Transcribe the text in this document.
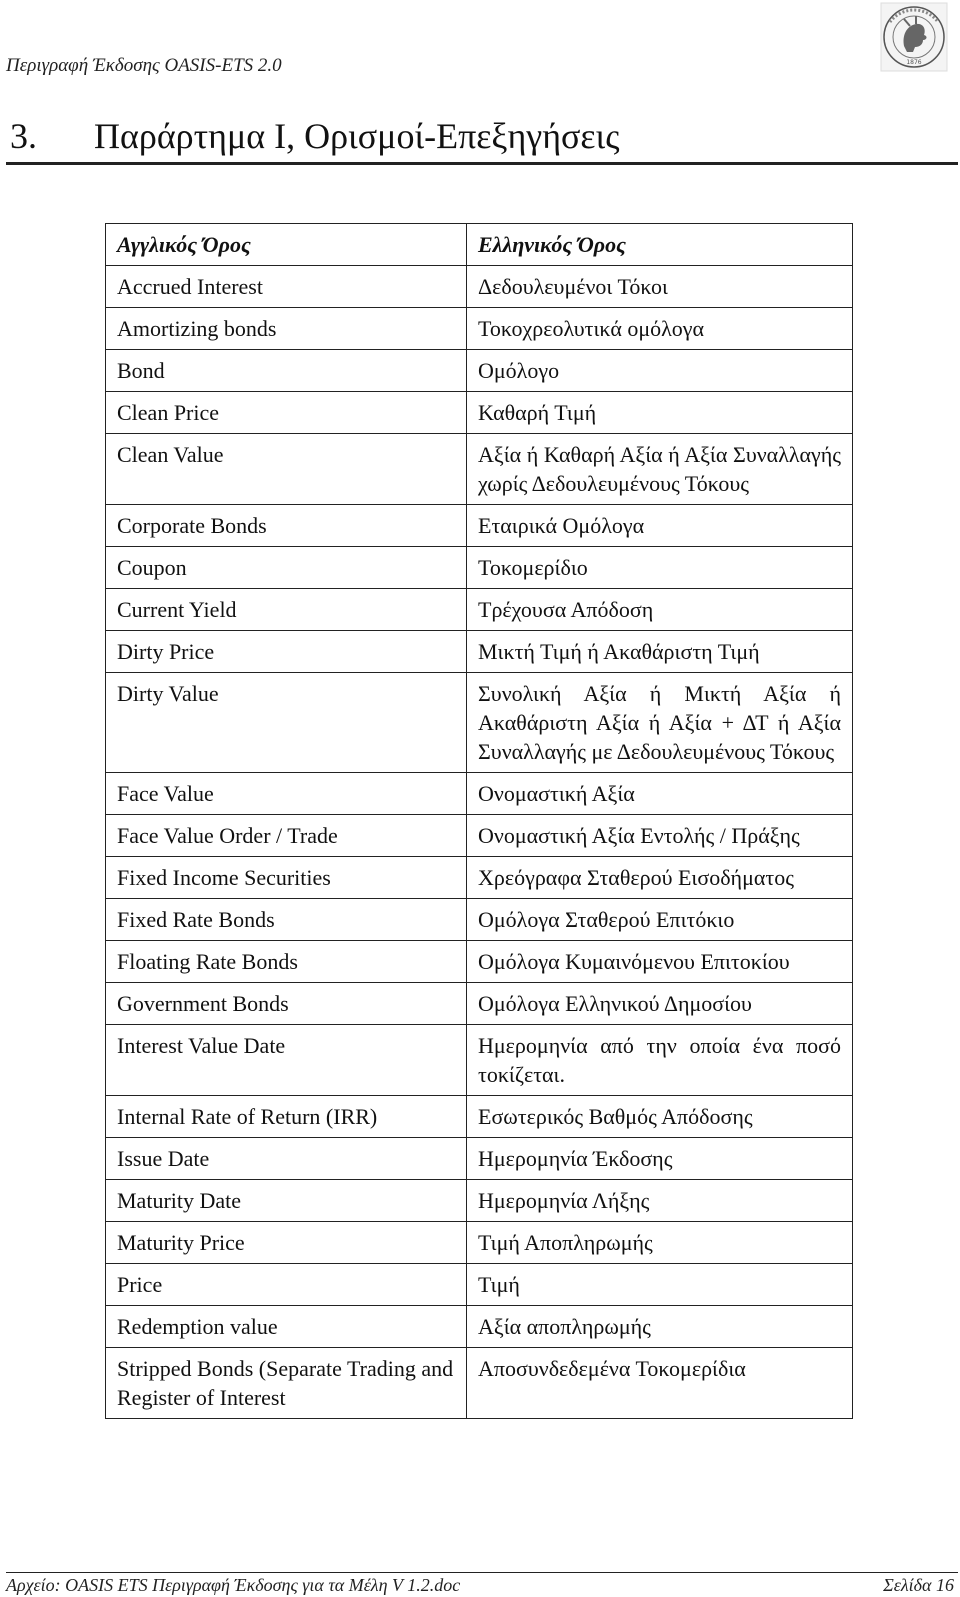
Περιγραφή Έκδοσης OASIS-ETS 2.0	1876
3. Παράρτημα Ι, Ορισμοί-Επεξηγήσεις
Αγγλικός Όρος	Ελληνικός Όρος
Accrued Interest	Δεδουλευμένοι Τόκοι
Amortizing bonds	Τοκοχρεολυτικά ομόλογα
Bond	Ομόλογο
Clean Price	Καθαρή Τιμή
Clean Value	Αξία ή Καθαρή Αξία ή Αξία Συναλλαγής χωρίς Δεδουλευμένους Τόκους
Corporate Bonds	Εταιρικά Ομόλογα
Coupon	Τοκομερίδιο
Current Yield	Τρέχουσα Απόδοση
Dirty Price	Μικτή Τιμή ή Ακαθάριστη Τιμή
Dirty Value	Συνολική Αξία ή Μικτή Αξία ή Ακαθάριστη Αξία ή Αξία + ΔΤ ή Αξία Συναλλαγής με Δεδουλευμένους Τόκους
Face Value	Ονομαστική Αξία
Face Value Order / Trade	Ονομαστική Αξία Εντολής / Πράξης
Fixed Income Securities	Χρεόγραφα Σταθερού Εισοδήματος
Fixed Rate Bonds	Ομόλογα Σταθερού Επιτόκιο
Floating Rate Bonds	Ομόλογα Κυμαινόμενου Επιτοκίου
Government Bonds	Ομόλογα Ελληνικού Δημοσίου
Interest Value Date	Ημερομηνία από την οποία ένα ποσό τοκίζεται.
Internal Rate of Return (IRR)	Εσωτερικός Βαθμός Απόδοσης
Issue Date	Ημερομηνία Έκδοσης
Maturity Date	Ημερομηνία Λήξης
Maturity Price	Τιμή Αποπληρωμής
Price	Τιμή
Redemption value	Αξία αποπληρωμής
Stripped Bonds (Separate Trading and Register of Interest	Αποσυνδεδεμένα Τοκομερίδια
Αρχείο: OASIS ETS Περιγραφή Έκδοσης για τα Μέλη V 1.2.doc	Σελίδα 16
